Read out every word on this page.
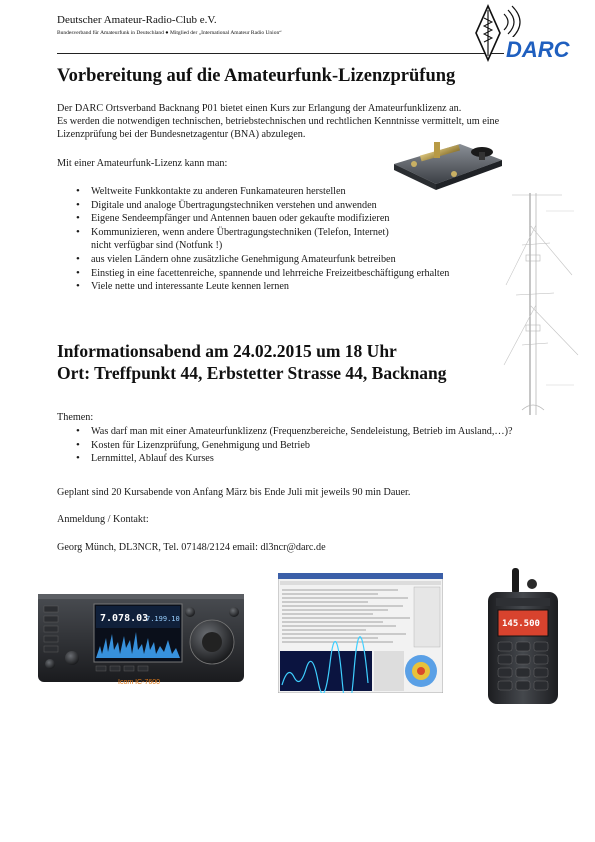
Deutscher Amateur-Radio-Club e.V.
Bundesverband für Amateurfunk in Deutschland ● Mitglied der „International Amateur Radio Union“
DARC
Vorbereitung auf die Amateurfunk-Lizenzprüfung
Der DARC Ortsverband Backnang P01 bietet einen Kurs zur Erlangung der Amateurfunklizenz an.
Es werden die notwendigen technischen, betriebstechnischen und rechtlichen Kenntnisse vermittelt, um eine
Lizenzprüfung bei der Bundesnetzagentur (BNA) abzulegen.
Mit einer Amateurfunk-Lizenz kann man:
• Weltweite Funkkontakte zu anderen Funkamateuren herstellen
• Digitale und analoge Übertragungstechniken verstehen und anwenden
• Eigene Sendeempfänger und Antennen bauen oder gekaufte modifizieren
• Kommunizieren, wenn andere Übertragungstechniken (Telefon, Internet)
nicht verfügbar sind (Notfunk !)
• aus vielen Ländern ohne zusätzliche Genehmigung Amateurfunk betreiben
• Einstieg in eine facettenreiche, spannende und lehrreiche Freizeitbeschäftigung erhalten
• Viele nette und interessante Leute kennen lernen
Informationsabend am 24.02.2015 um 18 Uhr
Ort: Treffpunkt 44, Erbstetter Strasse 44, Backnang
Themen:
• Was darf man mit einer Amateurfunklizenz (Frequenzbereiche, Sendeleistung, Betrieb im Ausland,…)?
• Kosten für Lizenzprüfung, Genehmigung und Betrieb
• Lernmittel, Ablauf des Kurses
Geplant sind 20 Kursabende von Anfang März bis Ende Juli mit jeweils 90 min Dauer.
Anmeldung / Kontakt:
Georg Münch, DL3NCR, Tel. 07148/2124 email: dl3ncr@darc.de
7.078.03
7.199.10
Icom IC-7600
145.500
